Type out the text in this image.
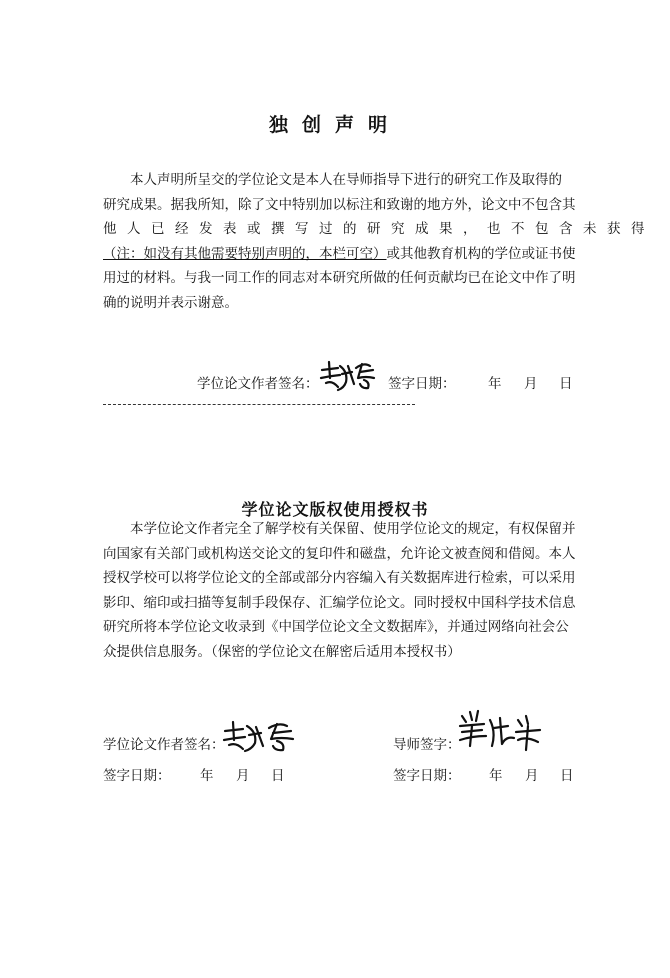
独创声明
本人声明所呈交的学位论文是本人在导师指导下进行的研究工作及取得的
研究成果。据我所知，除了文中特别加以标注和致谢的地方外，论文中不包含其
他人已经发表或撰写过的研究成果，也不包含未获得
（注：如没有其他需要特别声明的，本栏可空）或其他教育机构的学位或证书使
用过的材料。与我一同工作的同志对本研究所做的任何贡献均已在论文中作了明
确的说明并表示谢意。
学位论文作者签名：	签字日期： 年 月 日
学位论文版权使用授权书
本学位论文作者完全了解学校有关保留、使用学位论文的规定，有权保留并
向国家有关部门或机构送交论文的复印件和磁盘，允许论文被查阅和借阅。本人
授权学校可以将学位论文的全部或部分内容编入有关数据库进行检索，可以采用
影印、缩印或扫描等复制手段保存、汇编学位论文。同时授权中国科学技术信息
研究所将本学位论文收录到《中国学位论文全文数据库》，并通过网络向社会公
众提供信息服务。（保密的学位论文在解密后适用本授权书）
学位论文作者签名：	导师签字：
签字日期： 年 月 日	签字日期： 年 月 日
